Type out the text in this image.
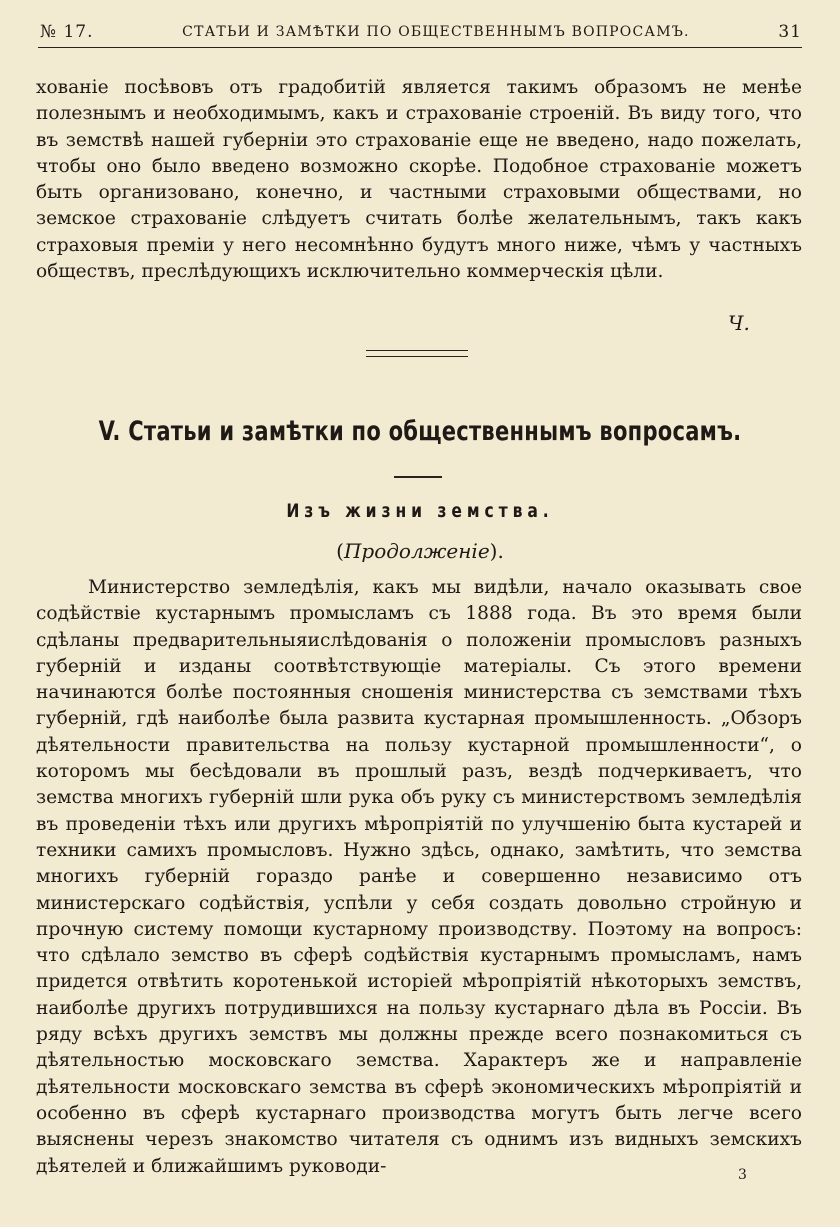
№ 17.	СТАТЬИ И ЗАМѢТКИ ПО ОБЩЕСТВЕННЫМЪ ВОПРОСАМЪ.	31

хованіе посѣвовъ отъ градобитій является такимъ образомъ не менѣе полезнымъ и необходимымъ, какъ и страхованіе строеній. Въ виду того, что въ земствѣ нашей губерніи это страхованіе еще не введено, надо пожелать, чтобы оно было введено возможно скорѣе. Подобное страхованіе можетъ быть организовано, конечно, и частными страховыми обществами, но земское страхованіе слѣдуетъ считать болѣе желательнымъ, такъ какъ страховыя преміи у него несомнѣнно будутъ много ниже, чѣмъ у частныхъ обществъ, преслѣдующихъ исключительно коммерческія цѣли.

Ч.
V. Статьи и замѣтки по общественнымъ вопросамъ.
Изъ жизни земства.
(Продолженіе).

Министерство земледѣлія, какъ мы видѣли, начало оказывать свое содѣйствіе кустарнымъ промысламъ съ 1888 года. Въ это время были сдѣланы предварительныяислѣдованія о положеніи промысловъ разныхъ губерній и изданы соотвѣтствующіе матеріалы. Съ этого времени начинаются болѣе постоянныя сношенія министерства съ земствами тѣхъ губерній, гдѣ наиболѣе была развита кустарная промышленность. „Обзоръ дѣятельности правительства на пользу кустарной промышленности“, о которомъ мы бесѣдовали въ прошлый разъ, вездѣ подчеркиваетъ, что земства многихъ губерній шли рука объ руку съ министерствомъ земледѣлія въ проведеніи тѣхъ или другихъ мѣропріятій по улучшенію быта кустарей и техники самихъ промысловъ. Нужно здѣсь, однако, замѣтить, что земства многихъ губерній гораздо ранѣе и совершенно независимо отъ министерскаго содѣйствія, успѣли у себя создать довольно стройную и прочную систему помощи кустарному производству. Поэтому на вопросъ: что сдѣлало земство въ сферѣ содѣйствія кустарнымъ промысламъ, намъ придется отвѣтить коротенькой исторіей мѣропріятій нѣкоторыхъ земствъ, наиболѣе другихъ потрудившихся на пользу кустарнаго дѣла въ Россіи. Въ ряду всѣхъ другихъ земствъ мы должны прежде всего познакомиться съ дѣятельностью московскаго земства. Характеръ же и направленіе дѣятельности московскаго земства въ сферѣ экономическихъ мѣропріятій и особенно въ сферѣ кустарнаго производства могутъ быть легче всего выяснены черезъ знакомство читателя съ однимъ изъ видныхъ земскихъ дѣятелей и ближайшимъ руководи-	3
